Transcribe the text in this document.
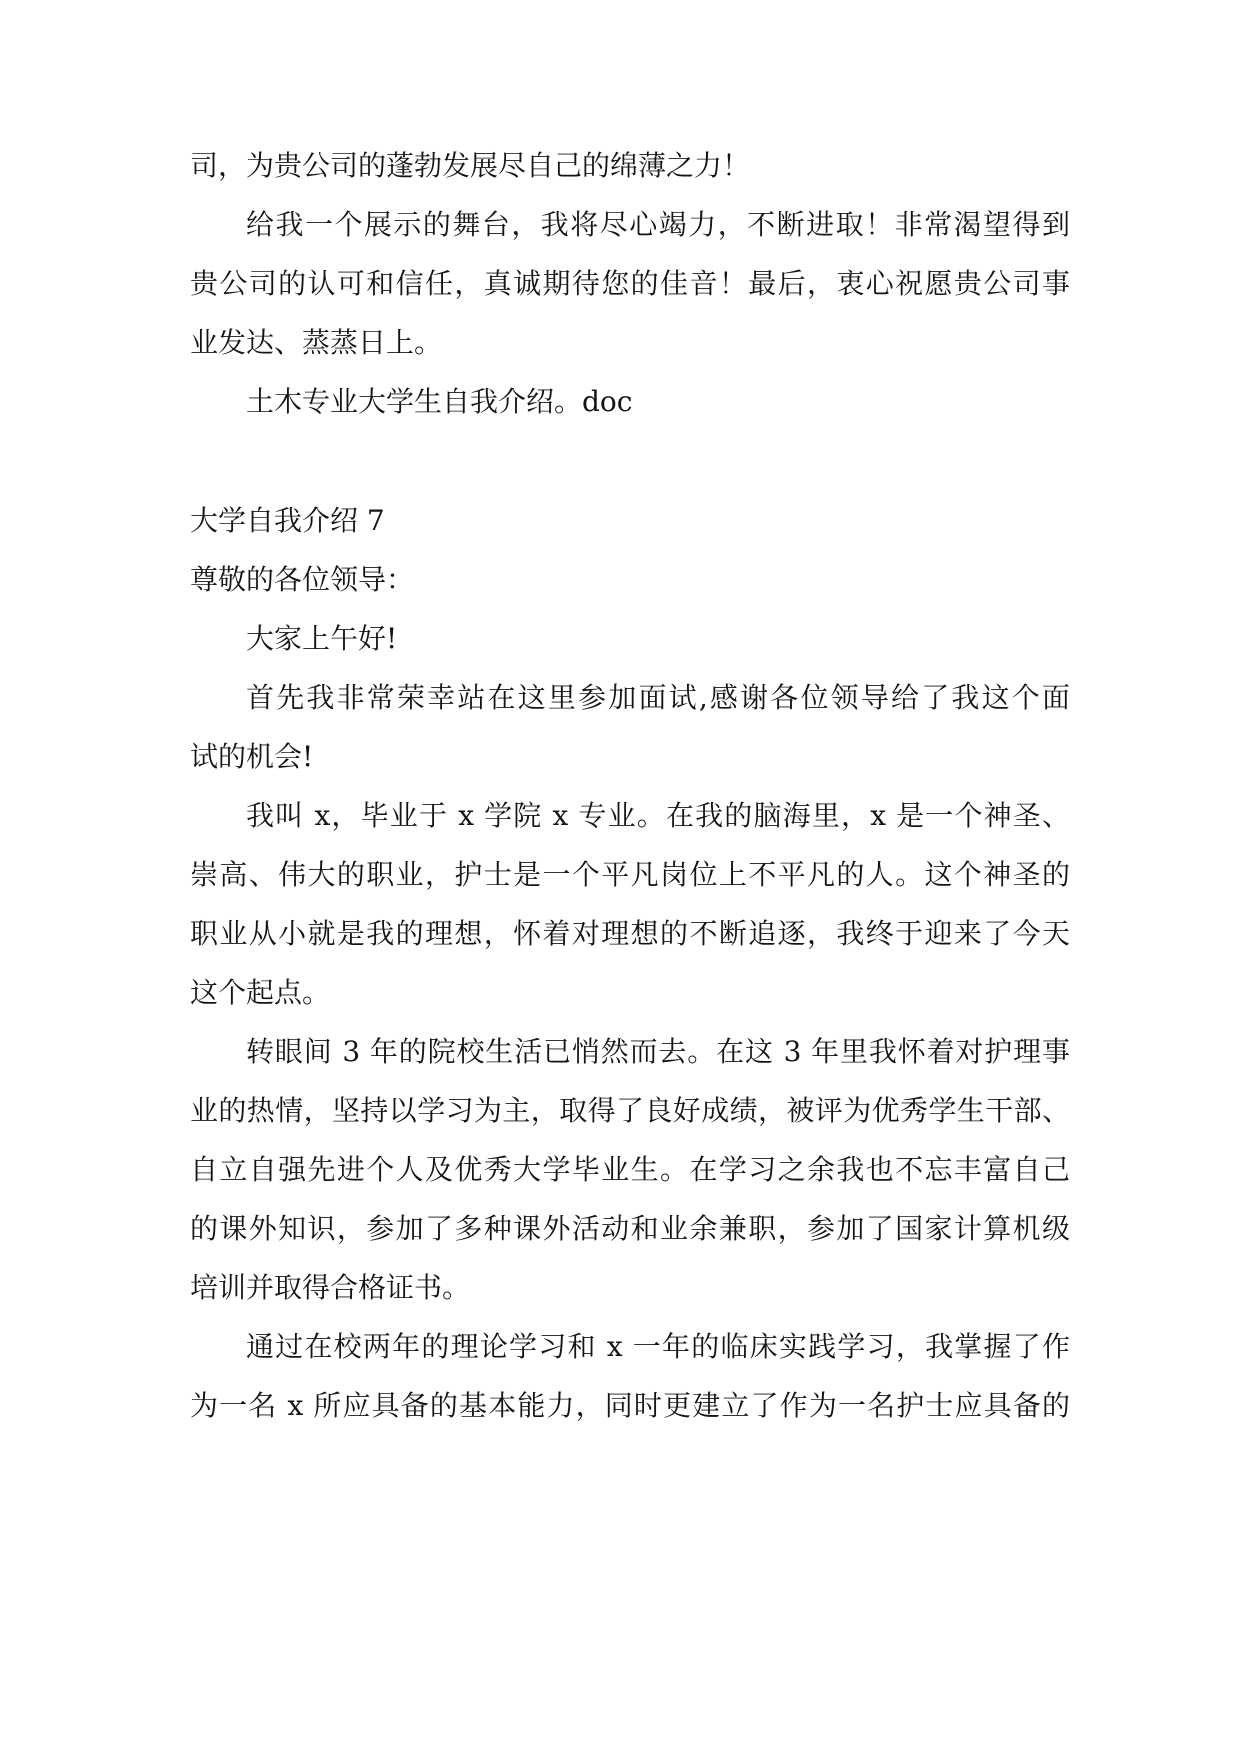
司，为贵公司的蓬勃发展尽自己的绵薄之力！
给我一个展示的舞台，我将尽心竭力，不断进取！非常渴望得到
贵公司的认可和信任，真诚期待您的佳音！最后，衷心祝愿贵公司事
业发达、蒸蒸日上。
土木专业大学生自我介绍。doc
大学自我介绍 7
尊敬的各位领导：
大家上午好!
首先我非常荣幸站在这里参加面试,感谢各位领导给了我这个面
试的机会!
我叫 x，毕业于 x 学院 x 专业。在我的脑海里，x 是一个神圣、
崇高、伟大的职业，护士是一个平凡岗位上不平凡的人。这个神圣的
职业从小就是我的理想，怀着对理想的不断追逐，我终于迎来了今天
这个起点。
转眼间 3 年的院校生活已悄然而去。在这 3 年里我怀着对护理事
业的热情，坚持以学习为主，取得了良好成绩，被评为优秀学生干部、
自立自强先进个人及优秀大学毕业生。在学习之余我也不忘丰富自己
的课外知识，参加了多种课外活动和业余兼职，参加了国家计算机级
培训并取得合格证书。
通过在校两年的理论学习和 x 一年的临床实践学习，我掌握了作
为一名 x 所应具备的基本能力，同时更建立了作为一名护士应具备的
